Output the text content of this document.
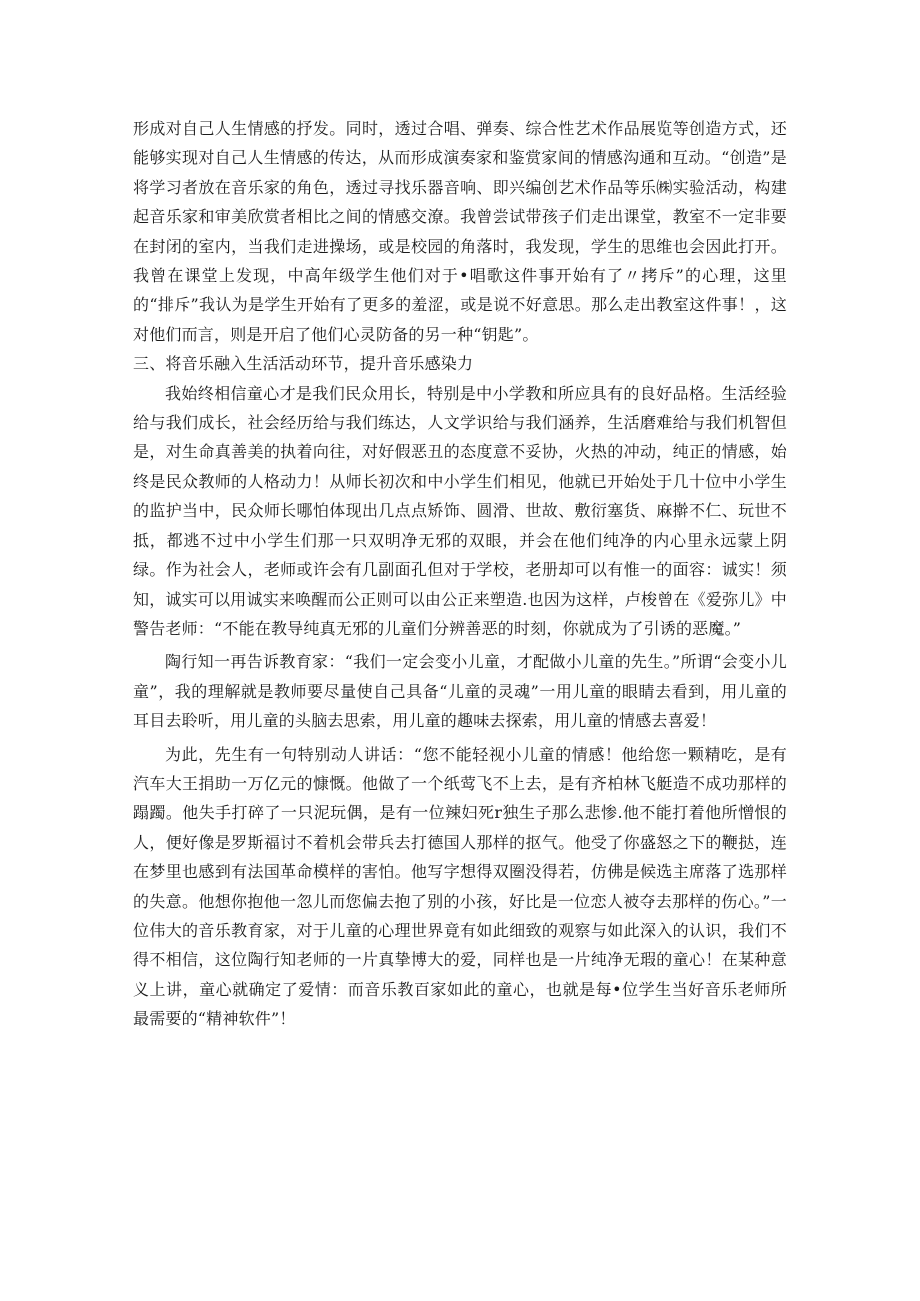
形成对自己人生情感的抒发。同时，透过合唱、弹奏、综合性艺术作品展览等创造方式，还能够实现对自己人生情感的传达，从而形成演奏家和鉴赏家间的情感沟通和互动。“创造”是将学习者放在音乐家的角色，透过寻找乐器音响、即兴编创艺术作品等乐㈱实验活动，构建起音乐家和审美欣赏者相比之间的情感交潦。我曾尝试带孩子们走出课堂，教室不一定非要在封闭的室内，当我们走进操场，或是校园的角落时，我发现，学生的思维也会因此打开。我曾在课堂上发现，中高年级学生他们对于•唱歌这件事开始有了〃拷斥”的心理，这里的“排斥”我认为是学生开始有了更多的羞涩，或是说不好意思。那么走出教室这件事！，这对他们而言，则是开启了他们心灵防备的另一种“钥匙”。

三、将音乐融入生活活动环节，提升音乐感染力

我始终相信童心才是我们民众用长，特别是中小学教和所应具有的良好品格。生活经验给与我们成长，社会经历给与我们练达，人文学识给与我们涵养，生活磨难给与我们机智但是，对生命真善美的执着向往，对好假恶丑的态度意不妥协，火热的冲动，纯正的情感，始终是民众教师的人格动力！从师长初次和中小学生们相见，他就已开始处于几十位中小学生的监护当中，民众师长哪怕体现出几点点矫饰、圆滑、世故、敷衍塞货、麻擀不仁、玩世不抵，都逃不过中小学生们那一只双明净无邪的双眼，并会在他们纯净的内心里永远蒙上阴绿。作为社会人，老师或许会有几副面孔但对于学校，老册却可以有惟一的面容：诚实！须知，诚实可以用诚实来唤醒而公正则可以由公正来塑造.也因为这样，卢梭曾在《爱弥儿》中警告老师：“不能在教导纯真无邪的儿童们分辨善恶的时刻，你就成为了引诱的恶魔。”

陶行知一再告诉教育家：“我们一定会变小儿童，才配做小儿童的先生。”所谓“会变小儿童”，我的理解就是教师要尽量使自己具备“儿童的灵魂”一用儿童的眼睛去看到，用儿童的耳目去聆听，用儿童的头脑去思索，用儿童的趣味去探索，用儿童的情感去喜爱！

为此，先生有一句特别动人讲话：“您不能轻视小儿童的情感！他给您一颗精吃，是有汽车大王捐助一万亿元的慷慨。他做了一个纸莺飞不上去，是有齐柏林飞艇造不成功那样的蹋躅。他失手打碎了一只泥玩偶，是有一位辣妇死r独生子那么悲惨.他不能打着他所憎恨的人，便好像是罗斯福讨不着机会带兵去打德国人那样的抠气。他受了你盛怒之下的鞭挞，连在梦里也感到有法国革命模样的害怕。他写字想得双圈没得若，仿佛是候选主席落了选那样的失意。他想你抱他一忽儿而您偏去抱了别的小孩，好比是一位恋人被夺去那样的伤心。”一位伟大的音乐教育家，对于儿童的心理世界竟有如此细致的观察与如此深入的认识，我们不得不相信，这位陶行知老师的一片真挚博大的爱，同样也是一片纯净无瑕的童心！在某种意义上讲，童心就确定了爱情：而音乐教百家如此的童心，也就是每•位学生当好音乐老师所最需要的“精神软件”！
